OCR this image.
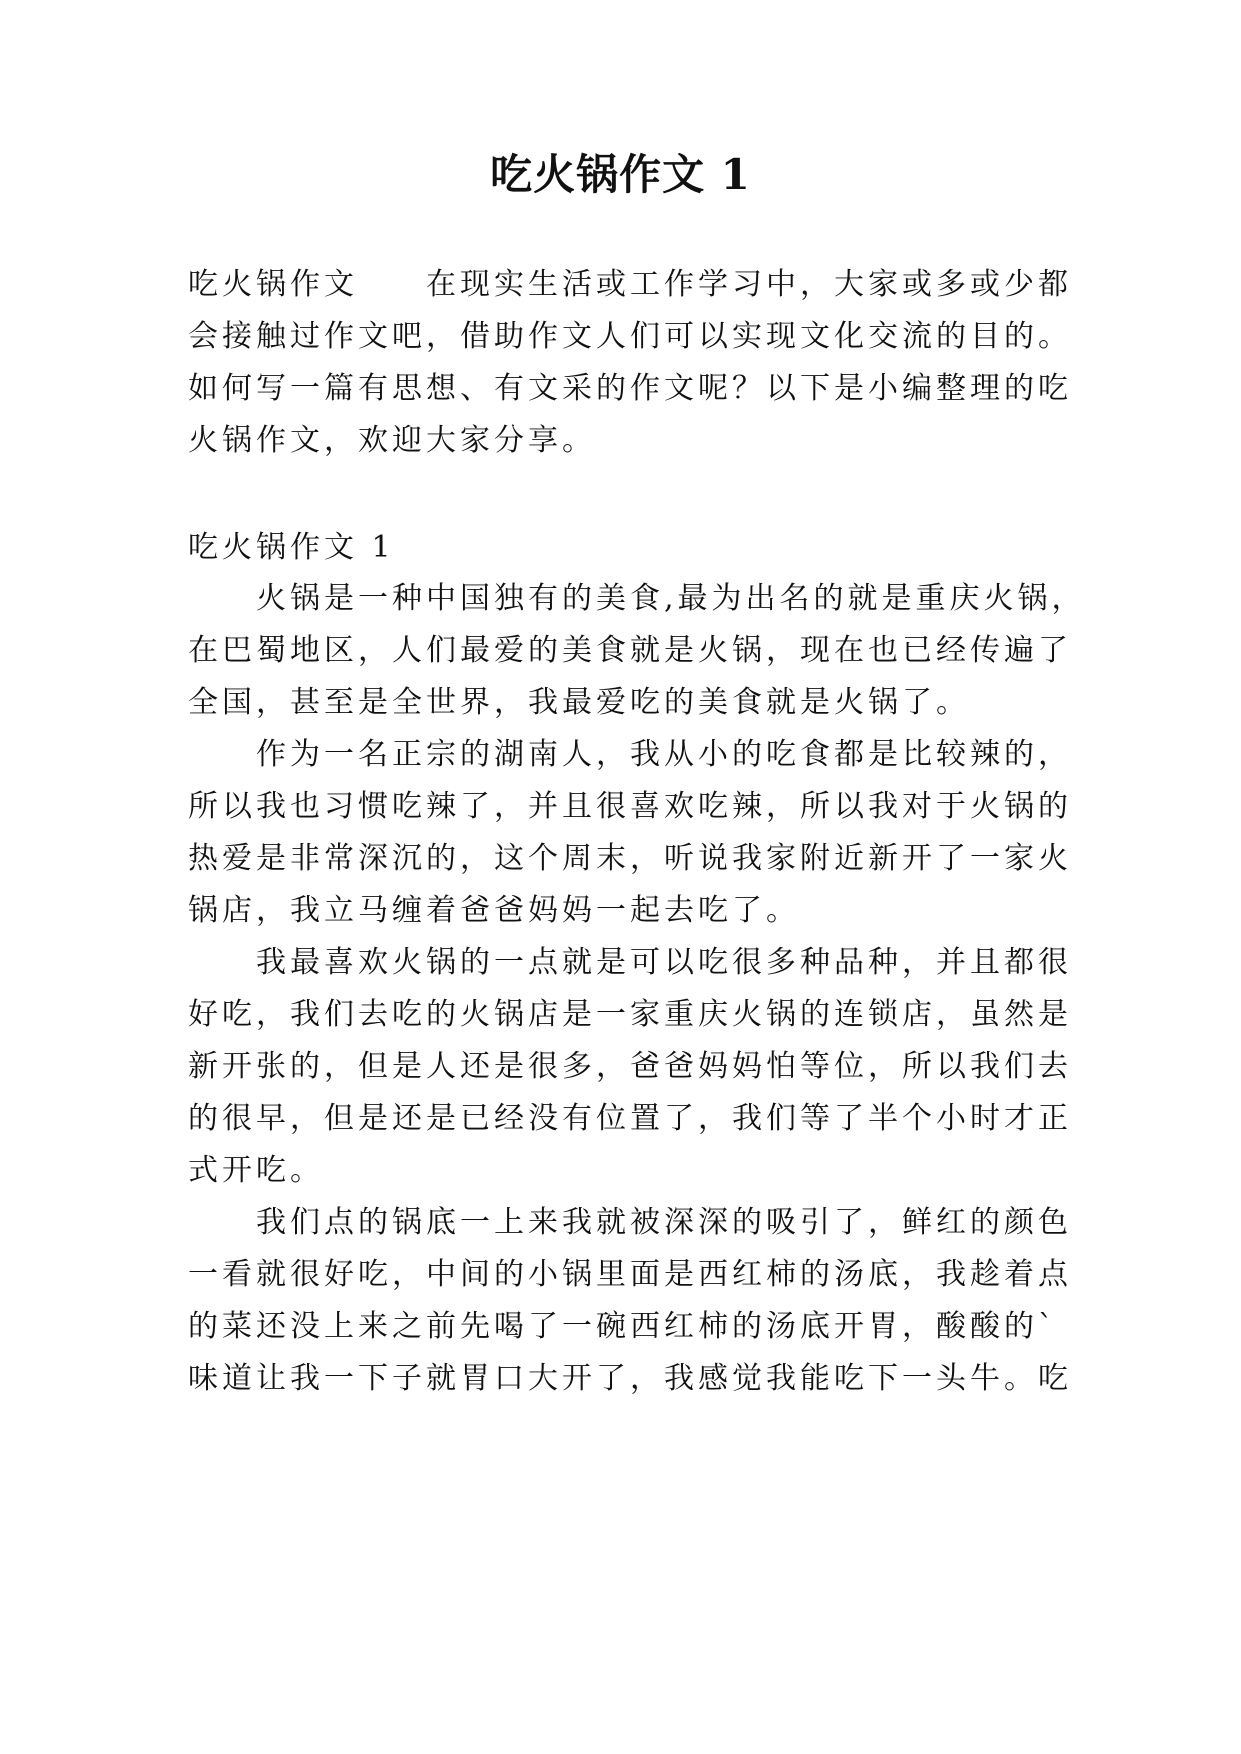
吃火锅作文 1
吃火锅作文　　在现实生活或工作学习中，大家或多或少都
会接触过作文吧，借助作文人们可以实现文化交流的目的。
如何写一篇有思想、有文采的作文呢？以下是小编整理的吃
火锅作文，欢迎大家分享。
吃火锅作文 1
　　火锅是一种中国独有的美食,最为出名的就是重庆火锅，
在巴蜀地区，人们最爱的美食就是火锅，现在也已经传遍了
全国，甚至是全世界，我最爱吃的美食就是火锅了。
　　作为一名正宗的湖南人，我从小的吃食都是比较辣的，
所以我也习惯吃辣了，并且很喜欢吃辣，所以我对于火锅的
热爱是非常深沉的，这个周末，听说我家附近新开了一家火
锅店，我立马缠着爸爸妈妈一起去吃了。
　　我最喜欢火锅的一点就是可以吃很多种品种，并且都很
好吃，我们去吃的火锅店是一家重庆火锅的连锁店，虽然是
新开张的，但是人还是很多，爸爸妈妈怕等位，所以我们去
的很早，但是还是已经没有位置了，我们等了半个小时才正
式开吃。
　　我们点的锅底一上来我就被深深的吸引了，鲜红的颜色
一看就很好吃，中间的小锅里面是西红柿的汤底，我趁着点
的菜还没上来之前先喝了一碗西红柿的汤底开胃，酸酸的`
味道让我一下子就胃口大开了，我感觉我能吃下一头牛。吃
